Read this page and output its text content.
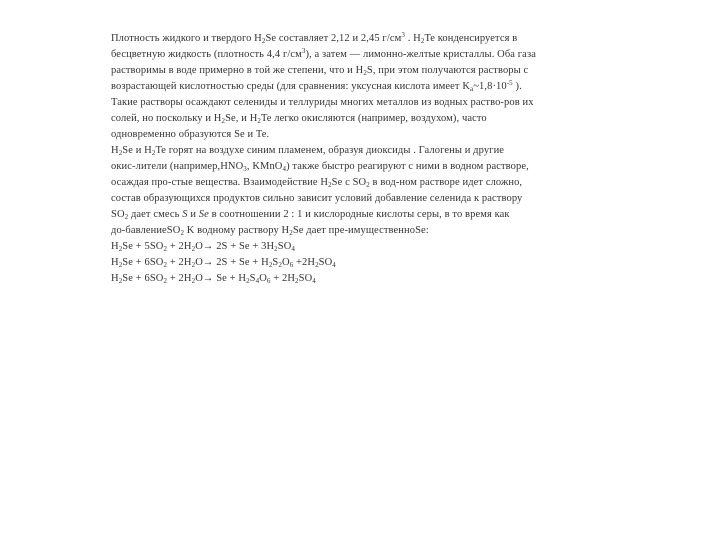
Плотность жидкого и твердого $H_2Se$ составляет 2,12 и 2,45 $г/см^3$ . $H_2Te$ конденсируется в
бесцветную жидкость (плотность 4,4 $г/см^3$), а затем — лимонно-желтые кристаллы. Оба газа
растворимы в воде примерно в той же степени, что и $H_2S$, при этом получаются растворы с
возрастающей кислотностью среды (для сравнения: уксусная кислота имеет $K_a\sim 1,8\cdot 10^{-5}$ ).
Такие растворы осаждают селениды и теллуриды многих металлов из водных раство-ров их
солей, но поскольку и $H_2Se$, и $H_2Te$ легко окисляются (например, воздухом), часто
одновременно образуются Se и Te.
$H_2Se$ и $H_2Te$ горят на воздухе синим пламенем, образуя диоксиды . Галогены и другие
окис-лители ($например,HNO_3$, KMnO$_4$) также быстро реагируют с ними в водном растворе,
осаждая про-стые вещества. Взаимодействие $H_2Se$ с $SO_2$ в вод-ном растворе идет сложно,
состав образующихся продуктов сильно зависит условий добавление селенида к раствору
$SO_2$ дает смесь S и Se в соотношении 2 : 1 и кислородные кислоты серы, в то время как
до-бавлениеSO$_2$ K водному раствору $H_2Se$ дает пре-имущественноSe:
$H_2Se + 5SO_2 + 2H_2O\to 2S + Se + 3H_2SO_4$
$H_2Se + 6SO_2 + 2H_2O\to 2S + Se + H_2S_2O_6 +2H_2SO_4$
$H_2Se + 6SO_2 + 2H_2O\to Se + H_2S_4O_6 + 2H_2SO_4$
